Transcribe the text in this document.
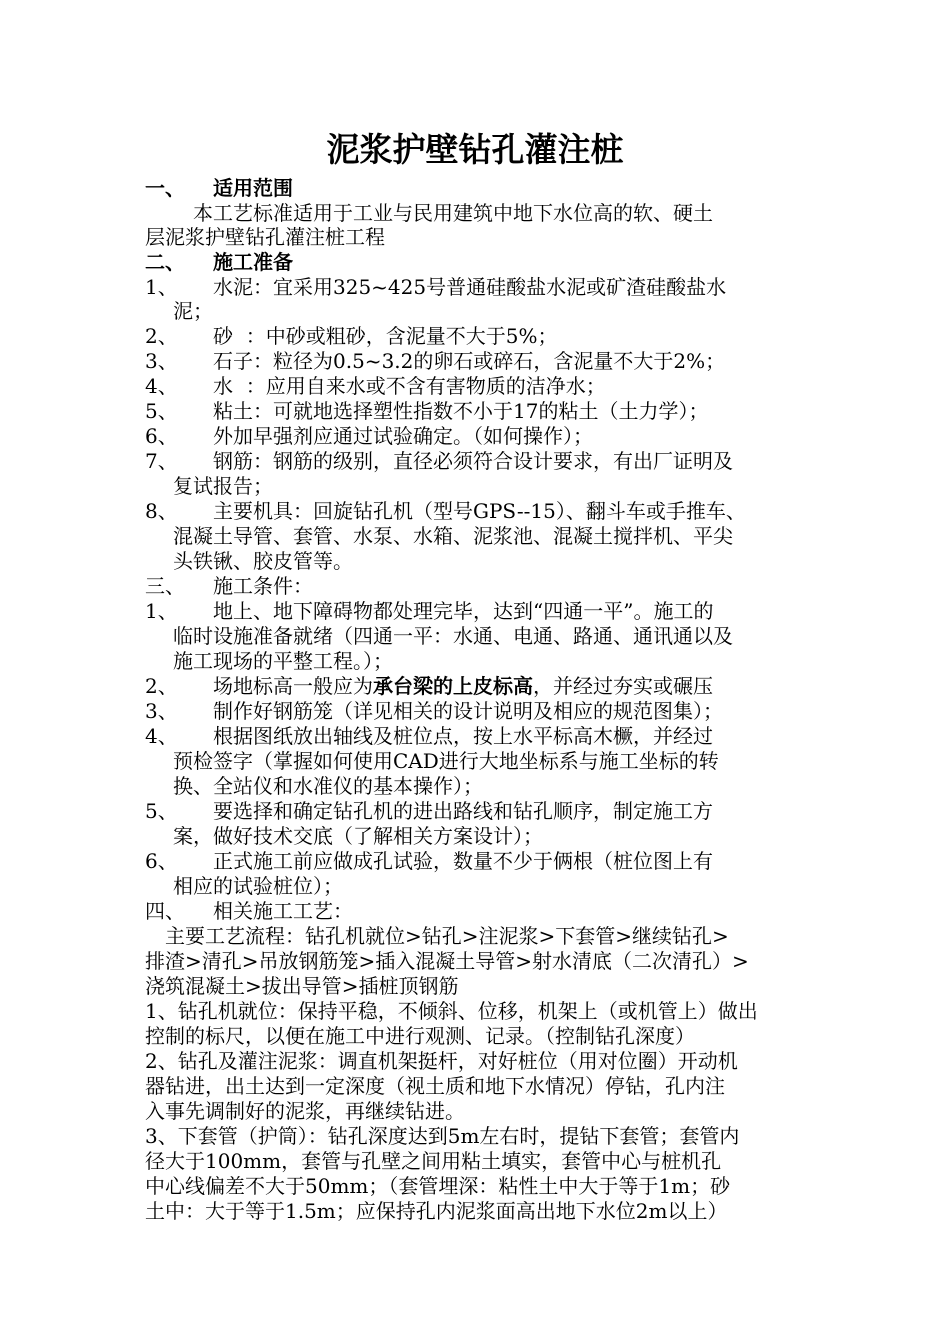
泥浆护壁钻孔灌注桩
一、 适用范围
本工艺标准适用于工业与民用建筑中地下水位高的软、硬土
层泥浆护壁钻孔灌注桩工程
二、 施工准备
1、 水泥：宜采用325~425号普通硅酸盐水泥或矿渣硅酸盐水
泥；
2、 砂  ：中砂或粗砂，含泥量不大于5%；
3、 石子：粒径为0.5~3.2的卵石或碎石，含泥量不大于2%；
4、 水  ：应用自来水或不含有害物质的洁净水；
5、 粘土：可就地选择塑性指数不小于17的粘土（土力学）；
6、 外加早强剂应通过试验确定。（如何操作）；
7、 钢筋：钢筋的级别，直径必须符合设计要求，有出厂证明及
复试报告；
8、 主要机具：回旋钻孔机（型号GPS--15）、翻斗车或手推车、
混凝土导管、套管、水泵、水箱、泥浆池、混凝土搅拌机、平尖
头铁锹、胶皮管等。
三、 施工条件：
1、 地上、地下障碍物都处理完毕，达到“四通一平”。施工的
临时设施准备就绪（四通一平：水通、电通、路通、通讯通以及
施工现场的平整工程。）；
2、 场地标高一般应为承台梁的上皮标高，并经过夯实或碾压
3、 制作好钢筋笼（详见相关的设计说明及相应的规范图集）；
4、 根据图纸放出轴线及桩位点，按上水平标高木橛，并经过
预检签字（掌握如何使用CAD进行大地坐标系与施工坐标的转
换、全站仪和水准仪的基本操作）；
5、 要选择和确定钻孔机的进出路线和钻孔顺序，制定施工方
案，做好技术交底（了解相关方案设计）；
6、 正式施工前应做成孔试验，数量不少于俩根（桩位图上有
相应的试验桩位）；
四、 相关施工工艺：
主要工艺流程：钻孔机就位>钻孔>注泥浆>下套管>继续钻孔>
排渣>清孔>吊放钢筋笼>插入混凝土导管>射水清底（二次清孔）>
浇筑混凝土>拔出导管>插桩顶钢筋
1、钻孔机就位：保持平稳，不倾斜、位移，机架上（或机管上）做出
控制的标尺，以便在施工中进行观测、记录。（控制钻孔深度）
2、钻孔及灌注泥浆：调直机架挺杆，对好桩位（用对位圈）开动机
器钻进，出土达到一定深度（视土质和地下水情况）停钻，孔内注
入事先调制好的泥浆，再继续钻进。
3、下套管（护筒）：钻孔深度达到5m左右时，提钻下套管；套管内
径大于100mm，套管与孔壁之间用粘土填实，套管中心与桩机孔
中心线偏差不大于50mm；（套管埋深：粘性土中大于等于1m；砂
土中：大于等于1.5m；应保持孔内泥浆面高出地下水位2m以上）
